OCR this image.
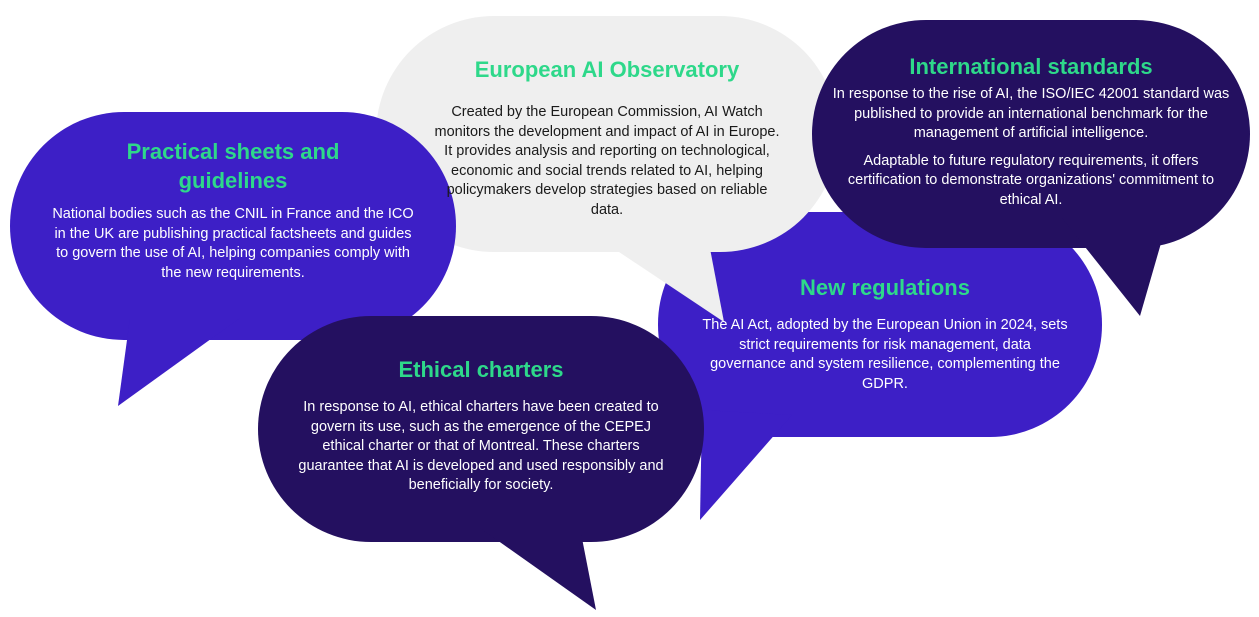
Practical sheets and guidelines

National bodies such as the CNIL in France and the ICO in the UK are publishing practical factsheets and guides to govern the use of AI, helping companies comply with the new requirements.

European AI Observatory

Created by the European Commission, AI Watch monitors the development and impact of AI in Europe. It provides analysis and reporting on technological, economic and social trends related to AI, helping policymakers develop strategies based on reliable data.

International standards

In response to the rise of AI, the ISO/IEC 42001 standard was published to provide an international benchmark for the management of artificial intelligence.

Adaptable to future regulatory requirements, it offers certification to demonstrate organizations' commitment to ethical AI.

New regulations

The AI Act, adopted by the European Union in 2024, sets strict requirements for risk management, data governance and system resilience, complementing the GDPR.

Ethical charters

In response to AI, ethical charters have been created to govern its use, such as the emergence of the CEPEJ ethical charter or that of Montreal. These charters guarantee that AI is developed and used responsibly and beneficially for society.
